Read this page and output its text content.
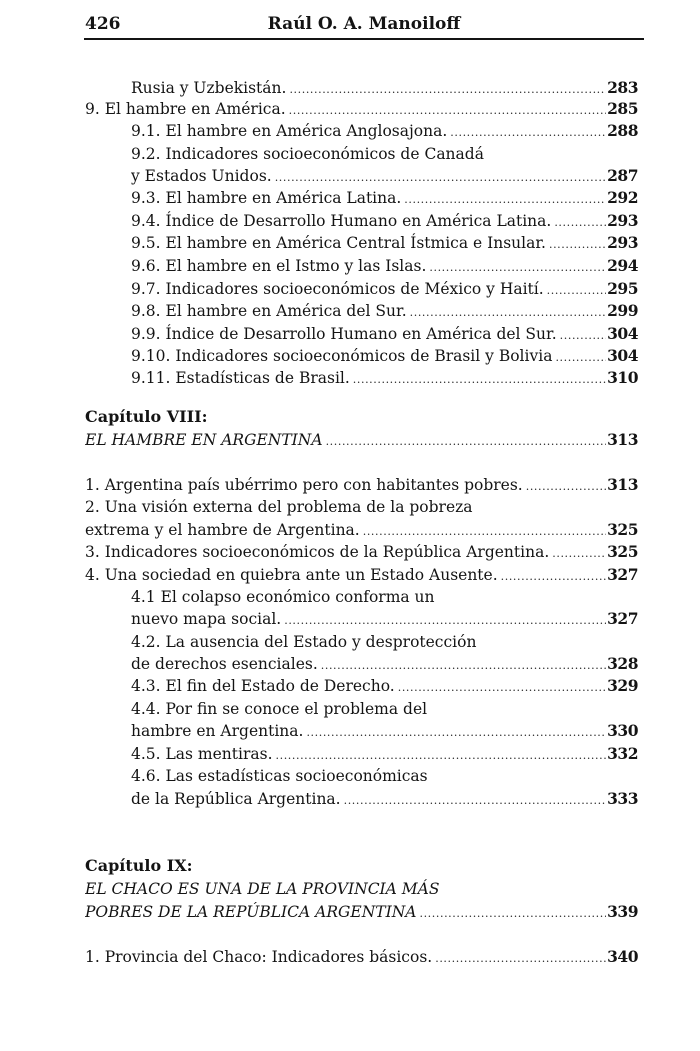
426	Raúl O. A. Manoiloff
Rusia y Uzbekistán. .....	283
9. El hambre en América. .....	285
9.1. El hambre en América Anglosajona. .....	288
9.2. Indicadores socioeconómicos de Canadá
y Estados Unidos. .....	287
9.3. El hambre en América Latina. .....	292
9.4. Índice de Desarrollo Humano en América Latina. .....	293
9.5. El hambre en América Central Ístmica e Insular. .....	293
9.6. El hambre en el Istmo y las Islas. .....	294
9.7. Indicadores socioeconómicos de México y Haití. .....	295
9.8. El hambre en América del Sur. .....	299
9.9. Índice de Desarrollo Humano en América del Sur. .....	304
9.10. Indicadores socioeconómicos de Brasil y Bolivia .....	304
9.11. Estadísticas de Brasil. .....	310
Capítulo VIII:
EL HAMBRE EN ARGENTINA .....	313
1. Argentina país ubérrimo pero con habitantes pobres. .....	313
2. Una visión externa del problema de la pobreza
extrema y el hambre de Argentina. .....	325
3. Indicadores socioeconómicos de la República Argentina. .....	325
4. Una sociedad en quiebra ante un Estado Ausente. .....	327
4.1 El colapso económico conforma un
nuevo mapa social. .....	327
4.2. La ausencia del Estado y desprotección
de derechos esenciales. .....	328
4.3. El fin del Estado de Derecho. .....	329
4.4. Por fin se conoce el problema del
hambre en Argentina. .....	330
4.5. Las mentiras. .....	332
4.6. Las estadísticas socioeconómicas
de la República Argentina. .....	333
Capítulo IX:
EL CHACO ES UNA DE LA PROVINCIA MÁS
POBRES DE LA REPÚBLICA ARGENTINA .....	339
1. Provincia del Chaco: Indicadores básicos. .....	340
